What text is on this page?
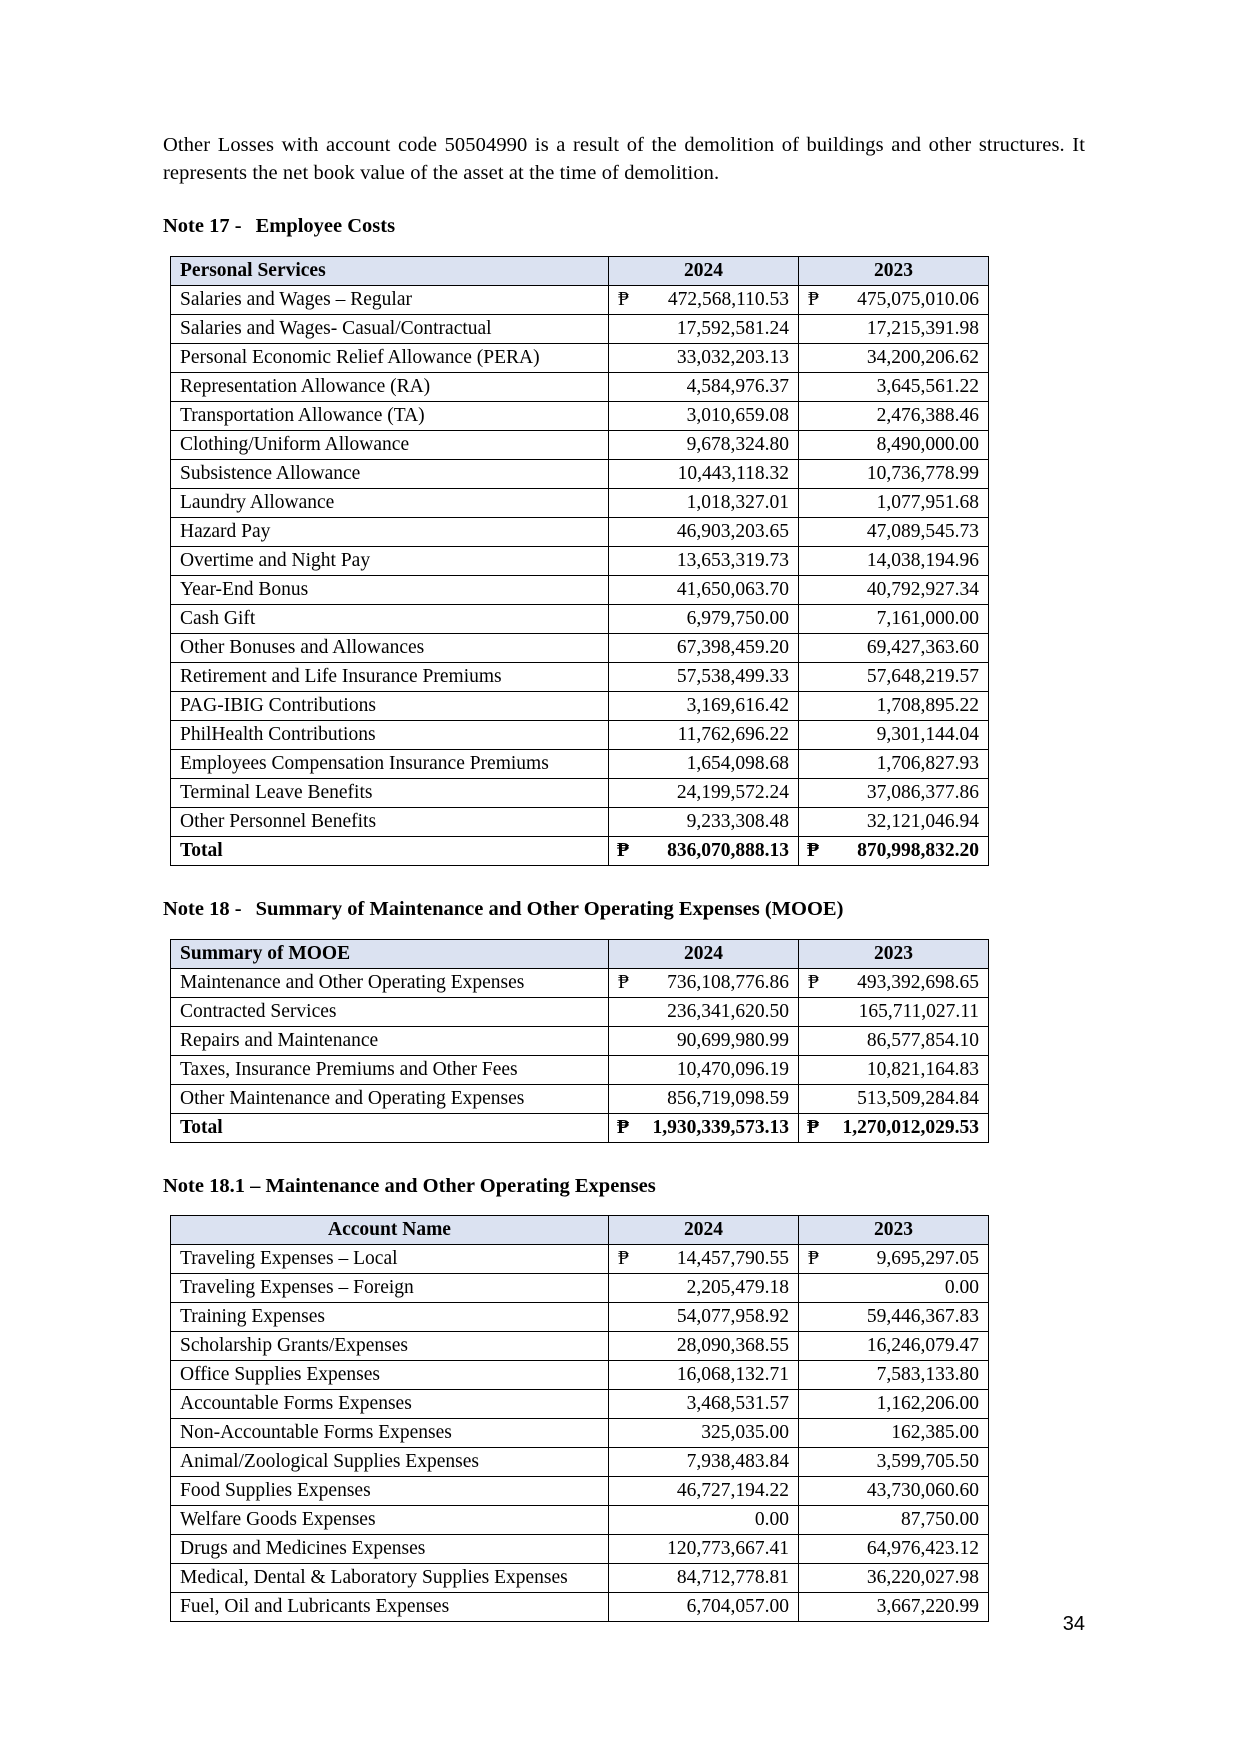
Other Losses with account code 50504990 is a result of the demolition of buildings and other structures. It represents the net book value of the asset at the time of demolition.

Note 17 - Employee Costs
Personal Services	2024	2023
Salaries and Wages – Regular	₱ 472,568,110.53	₱ 475,075,010.06
Salaries and Wages- Casual/Contractual	17,592,581.24	17,215,391.98
Personal Economic Relief Allowance (PERA)	33,032,203.13	34,200,206.62
Representation Allowance (RA)	4,584,976.37	3,645,561.22
Transportation Allowance (TA)	3,010,659.08	2,476,388.46
Clothing/Uniform Allowance	9,678,324.80	8,490,000.00
Subsistence Allowance	10,443,118.32	10,736,778.99
Laundry Allowance	1,018,327.01	1,077,951.68
Hazard Pay	46,903,203.65	47,089,545.73
Overtime and Night Pay	13,653,319.73	14,038,194.96
Year-End Bonus	41,650,063.70	40,792,927.34
Cash Gift	6,979,750.00	7,161,000.00
Other Bonuses and Allowances	67,398,459.20	69,427,363.60
Retirement and Life Insurance Premiums	57,538,499.33	57,648,219.57
PAG-IBIG Contributions	3,169,616.42	1,708,895.22
PhilHealth Contributions	11,762,696.22	9,301,144.04
Employees Compensation Insurance Premiums	1,654,098.68	1,706,827.93
Terminal Leave Benefits	24,199,572.24	37,086,377.86
Other Personnel Benefits	9,233,308.48	32,121,046.94
Total	₱ 836,070,888.13	₱ 870,998,832.20
Note 18 - Summary of Maintenance and Other Operating Expenses (MOOE)
Summary of MOOE	2024	2023
Maintenance and Other Operating Expenses	₱ 736,108,776.86	₱ 493,392,698.65
Contracted Services	236,341,620.50	165,711,027.11
Repairs and Maintenance	90,699,980.99	86,577,854.10
Taxes, Insurance Premiums and Other Fees	10,470,096.19	10,821,164.83
Other Maintenance and Operating Expenses	856,719,098.59	513,509,284.84
Total	₱ 1,930,339,573.13	₱ 1,270,012,029.53
Note 18.1 – Maintenance and Other Operating Expenses
Account Name	2024	2023
Traveling Expenses – Local	₱ 14,457,790.55	₱ 9,695,297.05
Traveling Expenses – Foreign	2,205,479.18	0.00
Training Expenses	54,077,958.92	59,446,367.83
Scholarship Grants/Expenses	28,090,368.55	16,246,079.47
Office Supplies Expenses	16,068,132.71	7,583,133.80
Accountable Forms Expenses	3,468,531.57	1,162,206.00
Non-Accountable Forms Expenses	325,035.00	162,385.00
Animal/Zoological Supplies Expenses	7,938,483.84	3,599,705.50
Food Supplies Expenses	46,727,194.22	43,730,060.60
Welfare Goods Expenses	0.00	87,750.00
Drugs and Medicines Expenses	120,773,667.41	64,976,423.12
Medical, Dental & Laboratory Supplies Expenses	84,712,778.81	36,220,027.98
Fuel, Oil and Lubricants Expenses	6,704,057.00	3,667,220.99
34
